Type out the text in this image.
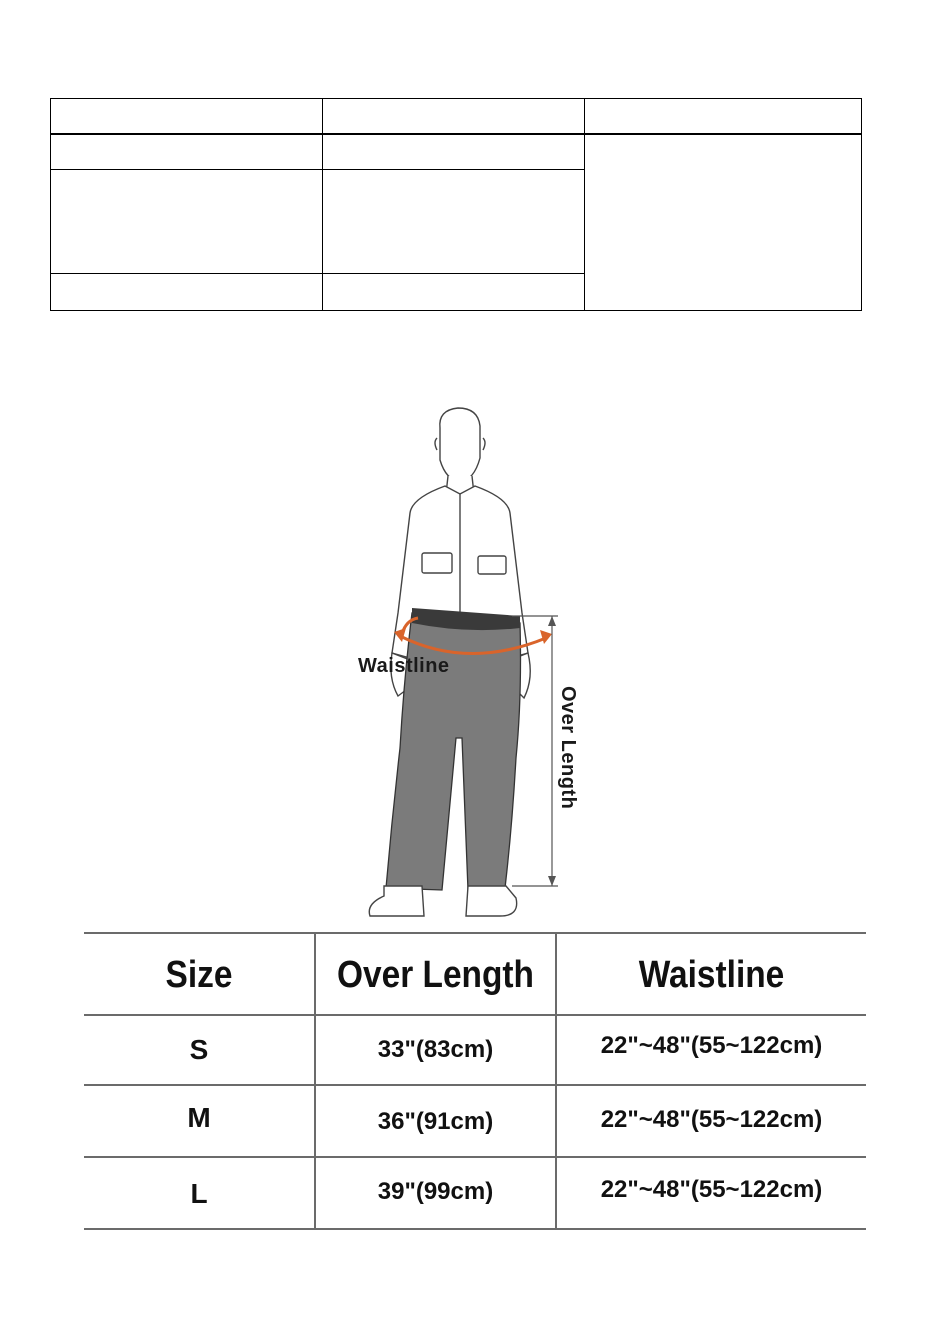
Waistline
Over Length
Size	Over Length	Waistline
S	33"(83cm)	22"~48"(55~122cm)
M	36"(91cm)	22"~48"(55~122cm)
L	39"(99cm)	22"~48"(55~122cm)
